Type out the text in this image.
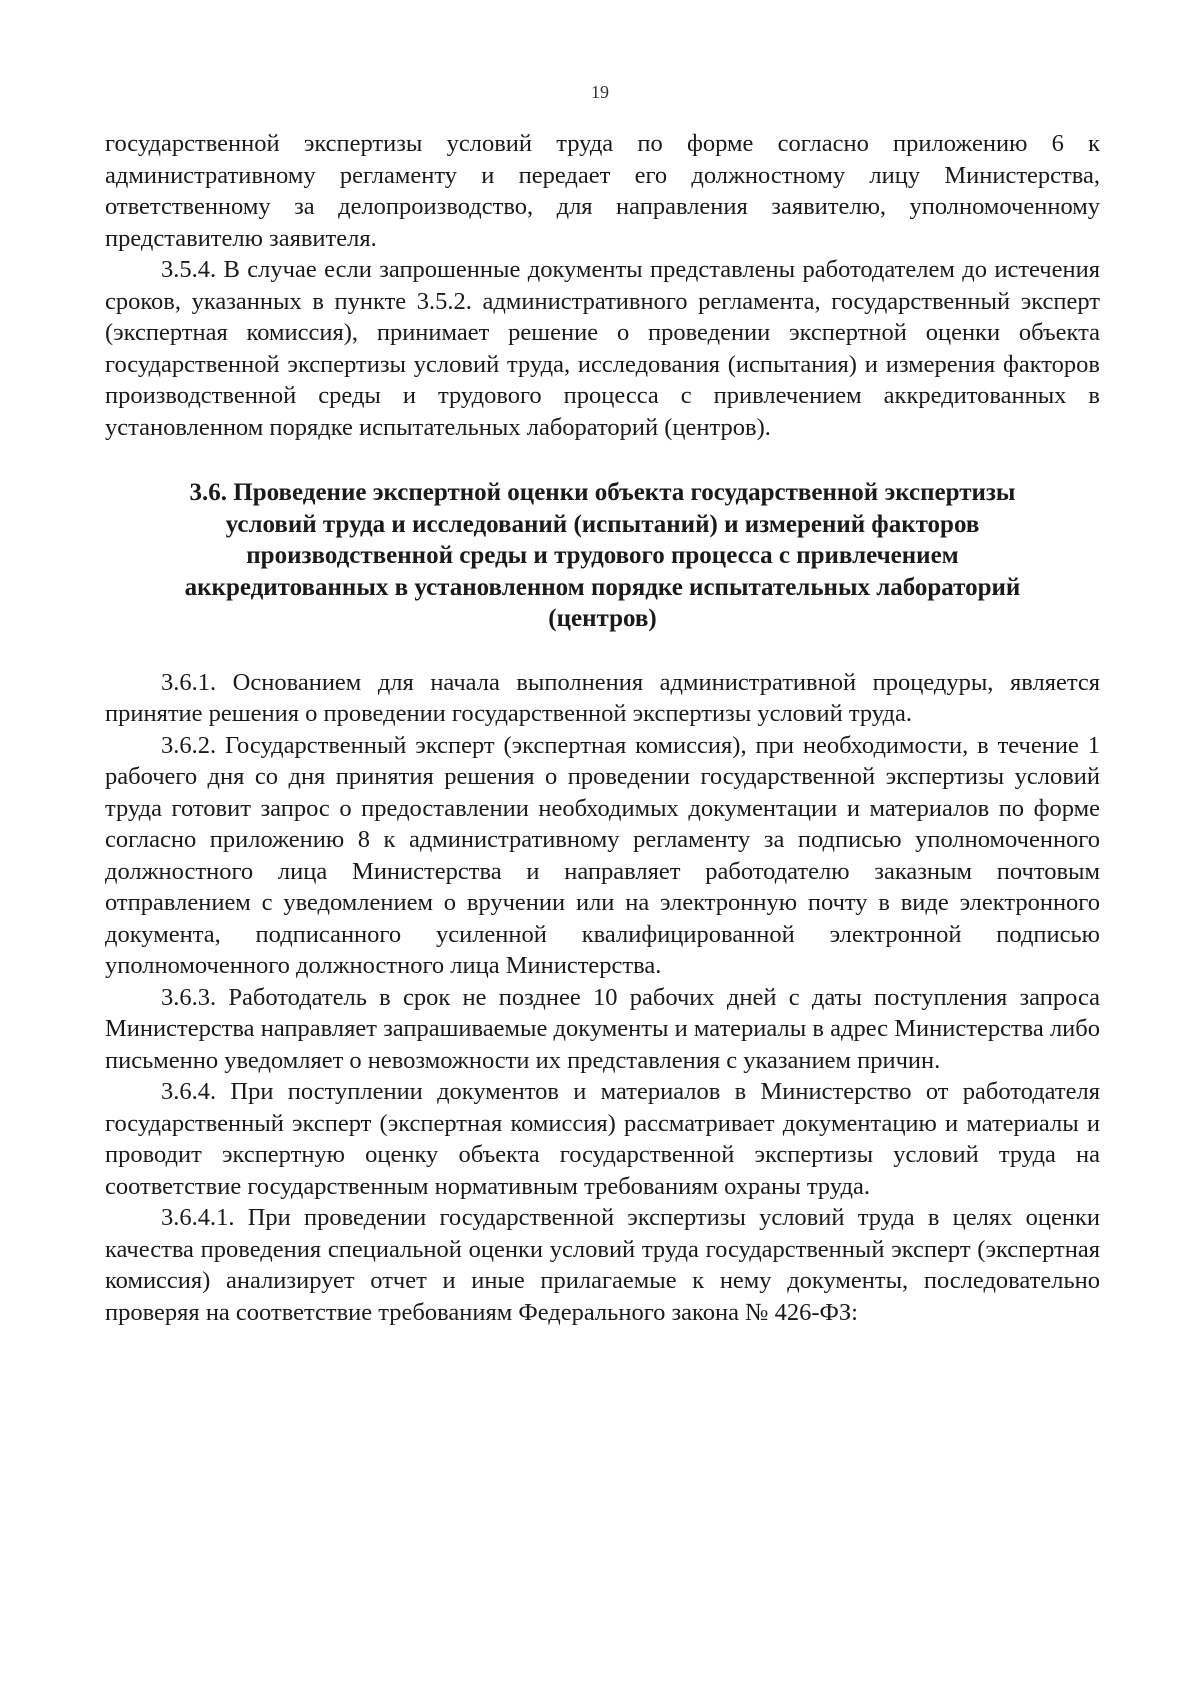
19

государственной экспертизы условий труда по форме согласно приложению 6 к административному регламенту и передает его должностному лицу Министерства, ответственному за делопроизводство, для направления заявителю, уполномоченному представителю заявителя.

3.5.4. В случае если запрошенные документы представлены работодателем до истечения сроков, указанных в пункте 3.5.2. административного регламента, государственный эксперт (экспертная комиссия), принимает решение о проведении экспертной оценки объекта государственной экспертизы условий труда, исследования (испытания) и измерения факторов производственной среды и трудового процесса с привлечением аккредитованных в установленном порядке испытательных лабораторий (центров).

3.6. Проведение экспертной оценки объекта государственной экспертизы условий труда и исследований (испытаний) и измерений факторов производственной среды и трудового процесса с привлечением аккредитованных в установленном порядке испытательных лабораторий (центров)

3.6.1. Основанием для начала выполнения административной процедуры, является принятие решения о проведении государственной экспертизы условий труда.

3.6.2. Государственный эксперт (экспертная комиссия), при необходимости, в течение 1 рабочего дня со дня принятия решения о проведении государственной экспертизы условий труда готовит запрос о предоставлении необходимых документации и материалов по форме согласно приложению 8 к административному регламенту за подписью уполномоченного должностного лица Министерства и направляет работодателю заказным почтовым отправлением с уведомлением о вручении или на электронную почту в виде электронного документа, подписанного усиленной квалифицированной электронной подписью уполномоченного должностного лица Министерства.

3.6.3. Работодатель в срок не позднее 10 рабочих дней с даты поступления запроса Министерства направляет запрашиваемые документы и материалы в адрес Министерства либо письменно уведомляет о невозможности их представления с указанием причин.

3.6.4. При поступлении документов и материалов в Министерство от работодателя государственный эксперт (экспертная комиссия) рассматривает документацию и материалы и проводит экспертную оценку объекта государственной экспертизы условий труда на соответствие государственным нормативным требованиям охраны труда.

3.6.4.1. При проведении государственной экспертизы условий труда в целях оценки качества проведения специальной оценки условий труда государственный эксперт (экспертная комиссия) анализирует отчет и иные прилагаемые к нему документы, последовательно проверяя на соответствие требованиям Федерального закона № 426-ФЗ:
